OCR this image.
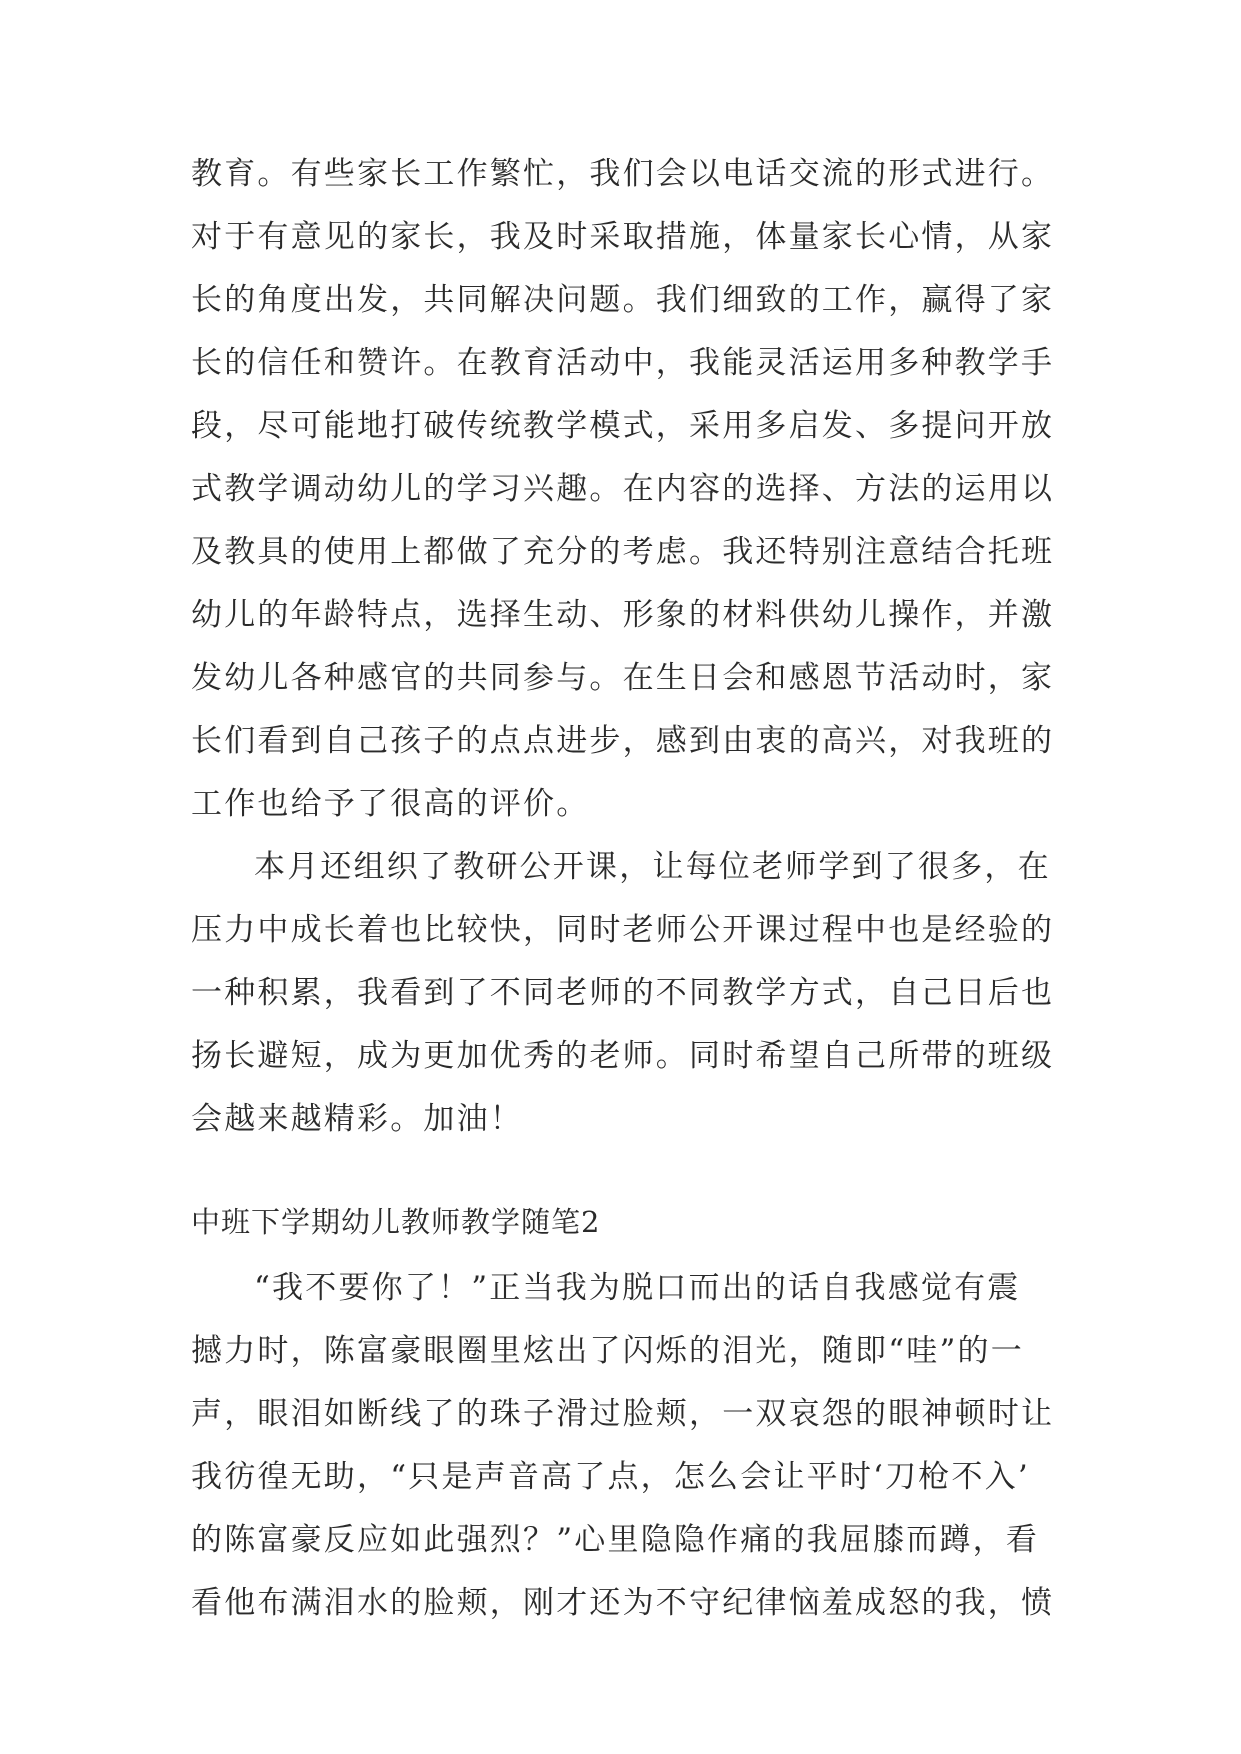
教育。有些家长工作繁忙，我们会以电话交流的形式进行。
对于有意见的家长，我及时采取措施，体量家长心情，从家
长的角度出发，共同解决问题。我们细致的工作，赢得了家
长的信任和赞许。在教育活动中，我能灵活运用多种教学手
段，尽可能地打破传统教学模式，采用多启发、多提问开放
式教学调动幼儿的学习兴趣。在内容的选择、方法的运用以
及教具的使用上都做了充分的考虑。我还特别注意结合托班
幼儿的年龄特点，选择生动、形象的材料供幼儿操作，并激
发幼儿各种感官的共同参与。在生日会和感恩节活动时，家
长们看到自己孩子的点点进步，感到由衷的高兴，对我班的
工作也给予了很高的评价。
本月还组织了教研公开课，让每位老师学到了很多，在
压力中成长着也比较快，同时老师公开课过程中也是经验的
一种积累，我看到了不同老师的不同教学方式，自己日后也
扬长避短，成为更加优秀的老师。同时希望自己所带的班级
会越来越精彩。加油！
中班下学期幼儿教师教学随笔2
“我不要你了！”正当我为脱口而出的话自我感觉有震
撼力时，陈富豪眼圈里炫出了闪烁的泪光，随即“哇”的一
声，眼泪如断线了的珠子滑过脸颊，一双哀怨的眼神顿时让
我彷徨无助，“只是声音高了点，怎么会让平时‘刀枪不入’
的陈富豪反应如此强烈？”心里隐隐作痛的我屈膝而蹲，看
看他布满泪水的脸颊，刚才还为不守纪律恼羞成怒的我，愤
